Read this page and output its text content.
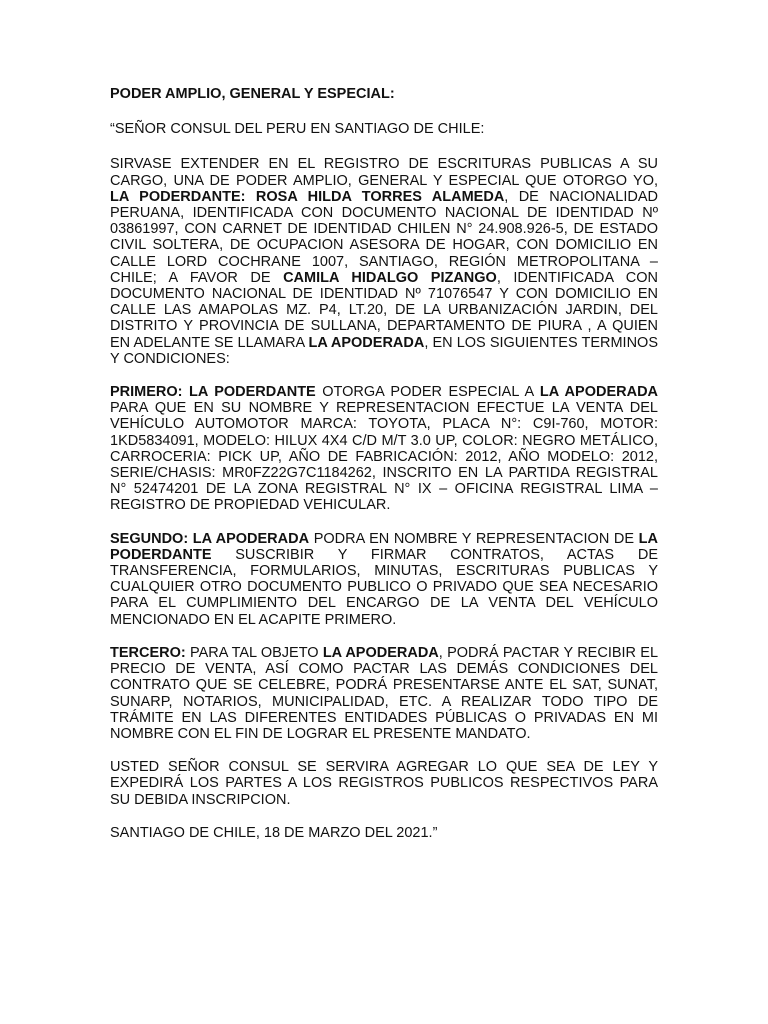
PODER AMPLIO, GENERAL Y ESPECIAL:
“SEÑOR CONSUL DEL PERU EN SANTIAGO DE CHILE:

SIRVASE EXTENDER EN EL REGISTRO DE ESCRITURAS PUBLICAS A SU CARGO, UNA DE PODER AMPLIO, GENERAL Y ESPECIAL QUE OTORGO YO, LA PODERDANTE: ROSA HILDA TORRES ALAMEDA, DE NACIONALIDAD PERUANA, IDENTIFICADA CON DOCUMENTO NACIONAL DE IDENTIDAD Nº 03861997, CON CARNET DE IDENTIDAD CHILEN N° 24.908.926-5, DE ESTADO CIVIL SOLTERA, DE OCUPACION ASESORA DE HOGAR, CON DOMICILIO EN CALLE LORD COCHRANE 1007, SANTIAGO, REGIÓN METROPOLITANA – CHILE; A FAVOR DE CAMILA HIDALGO PIZANGO, IDENTIFICADA CON DOCUMENTO NACIONAL DE IDENTIDAD Nº 71076547 Y CON DOMICILIO EN CALLE LAS AMAPOLAS MZ. P4, LT.20, DE LA URBANIZACIÓN JARDIN, DEL DISTRITO Y PROVINCIA DE SULLANA, DEPARTAMENTO DE PIURA , A QUIEN EN ADELANTE SE LLAMARA LA APODERADA, EN LOS SIGUIENTES TERMINOS Y CONDICIONES:

PRIMERO: LA PODERDANTE OTORGA PODER ESPECIAL A LA APODERADA PARA QUE EN SU NOMBRE Y REPRESENTACION EFECTUE LA VENTA DEL VEHÍCULO AUTOMOTOR MARCA: TOYOTA, PLACA N°: C9I-760, MOTOR: 1KD5834091, MODELO: HILUX 4X4 C/D M/T 3.0 UP, COLOR: NEGRO METÁLICO, CARROCERIA: PICK UP, AÑO DE FABRICACIÓN: 2012, AÑO MODELO: 2012, SERIE/CHASIS: MR0FZ22G7C1184262, INSCRITO EN LA PARTIDA REGISTRAL N° 52474201 DE LA ZONA REGISTRAL N° IX – OFICINA REGISTRAL LIMA – REGISTRO DE PROPIEDAD VEHICULAR.

SEGUNDO: LA APODERADA PODRA EN NOMBRE Y REPRESENTACION DE LA PODERDANTE SUSCRIBIR Y FIRMAR CONTRATOS, ACTAS DE TRANSFERENCIA, FORMULARIOS, MINUTAS, ESCRITURAS PUBLICAS Y CUALQUIER OTRO DOCUMENTO PUBLICO O PRIVADO QUE SEA NECESARIO PARA EL CUMPLIMIENTO DEL ENCARGO DE LA VENTA DEL VEHÍCULO MENCIONADO EN EL ACAPITE PRIMERO.

TERCERO: PARA TAL OBJETO LA APODERADA, PODRÁ PACTAR Y RECIBIR EL PRECIO DE VENTA, ASÍ COMO PACTAR LAS DEMÁS CONDICIONES DEL CONTRATO QUE SE CELEBRE, PODRÁ PRESENTARSE ANTE EL SAT, SUNAT, SUNARP, NOTARIOS, MUNICIPALIDAD, ETC. A REALIZAR TODO TIPO DE TRÁMITE EN LAS DIFERENTES ENTIDADES PÚBLICAS O PRIVADAS EN MI NOMBRE CON EL FIN DE LOGRAR EL PRESENTE MANDATO.

USTED SEÑOR CONSUL SE SERVIRA AGREGAR LO QUE SEA DE LEY Y EXPEDIRÁ LOS PARTES A LOS REGISTROS PUBLICOS RESPECTIVOS PARA SU DEBIDA INSCRIPCION.

SANTIAGO DE CHILE, 18 DE MARZO DEL 2021.”
